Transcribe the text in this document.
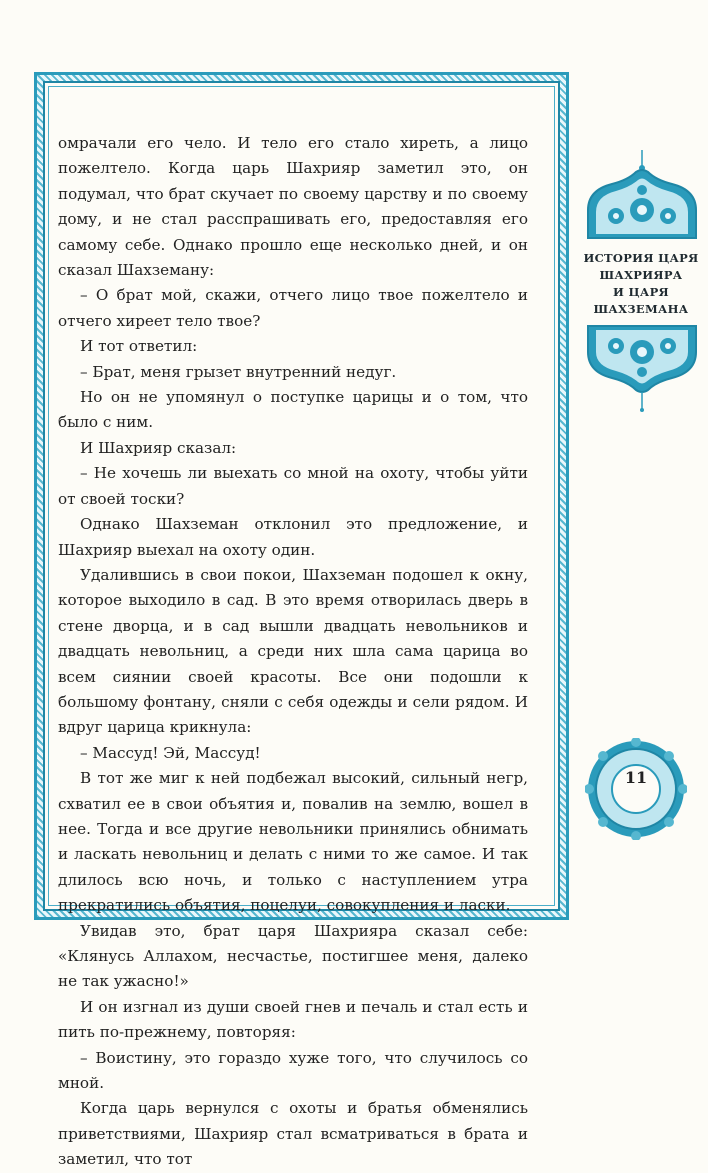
омрачали его чело. И тело его стало хиреть, а лицо пожелтело. Когда царь Шахрияр заметил это, он подумал, что брат скучает по своему царству и по своему дому, и не стал расспрашивать его, предоставляя его самому себе. Однако прошло еще несколько дней, и он сказал Шахземану:

– О брат мой, скажи, отчего лицо твое пожелтело и отчего хиреет тело твое?

И тот ответил:

– Брат, меня грызет внутренний недуг.

Но он не упомянул о поступке царицы и о том, что было с ним.

И Шахрияр сказал:

– Не хочешь ли выехать со мной на охоту, чтобы уйти от своей тоски?

Однако Шахземан отклонил это предложение, и Шахрияр выехал на охоту один.

Удалившись в свои покои, Шахземан подошел к окну, которое выходило в сад. В это время отворилась дверь в стене дворца, и в сад вышли двадцать невольников и двадцать невольниц, а среди них шла сама царица во всем сиянии своей красоты. Все они подошли к большому фонтану, сняли с себя одежды и сели рядом. И вдруг царица крикнула:

– Массуд! Эй, Массуд!

В тот же миг к ней подбежал высокий, сильный негр, схватил ее в свои объятия и, повалив на землю, вошел в нее. Тогда и все другие невольники принялись обнимать и ласкать невольниц и делать с ними то же самое. И так длилось всю ночь, и только с наступлением утра прекратились объятия, поцелуи, совокупления и ласки.

Увидав это, брат царя Шахрияра сказал себе: «Клянусь Аллахом, несчастье, постигшее меня, далеко не так ужасно!»

И он изгнал из души своей гнев и печаль и стал есть и пить по-прежнему, повторяя:

– Воистину, это гораздо хуже того, что случилось со мной.

Когда царь вернулся с охоты и братья обменялись приветствиями, Шахрияр стал всматриваться в брата и заметил, что тот

ИСТОРИЯ ЦАРЯ
ШАХРИЯРА
И ЦАРЯ
ШАХЗЕМАНА
11
